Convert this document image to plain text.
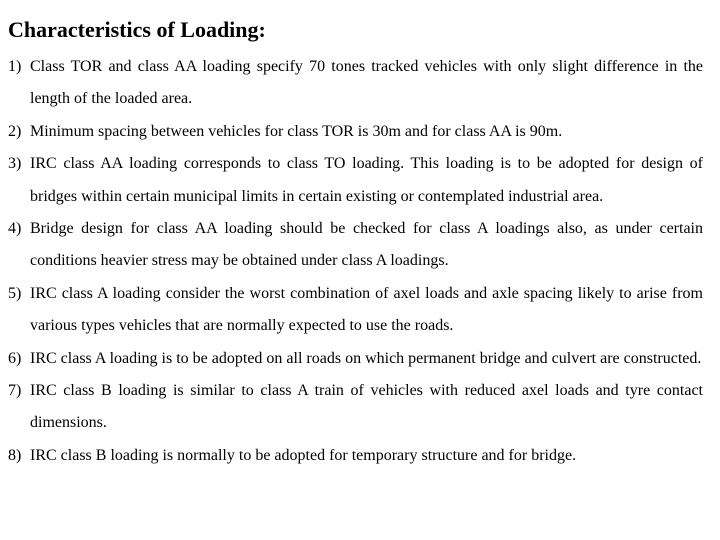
Characteristics of Loading:
1) Class TOR and class AA loading specify 70 tones tracked vehicles with only slight difference in the length of the loaded area.
2) Minimum spacing between vehicles for class TOR is 30m and for class AA is 90m.
3) IRC class AA loading corresponds to class TO loading. This loading is to be adopted for design of bridges within certain municipal limits in certain existing or contemplated industrial area.
4) Bridge design for class AA loading should be checked for class A loadings also, as under certain conditions heavier stress may be obtained under class A loadings.
5) IRC class A loading consider the worst combination of axel loads and axle spacing likely to arise from various types vehicles that are normally expected to use the roads.
6) IRC class A loading is to be adopted on all roads on which permanent bridge and culvert are constructed.
7) IRC class B loading is similar to class A train of vehicles with reduced axel loads and tyre contact dimensions.
8) IRC class B loading is normally to be adopted for temporary structure and for bridge.
